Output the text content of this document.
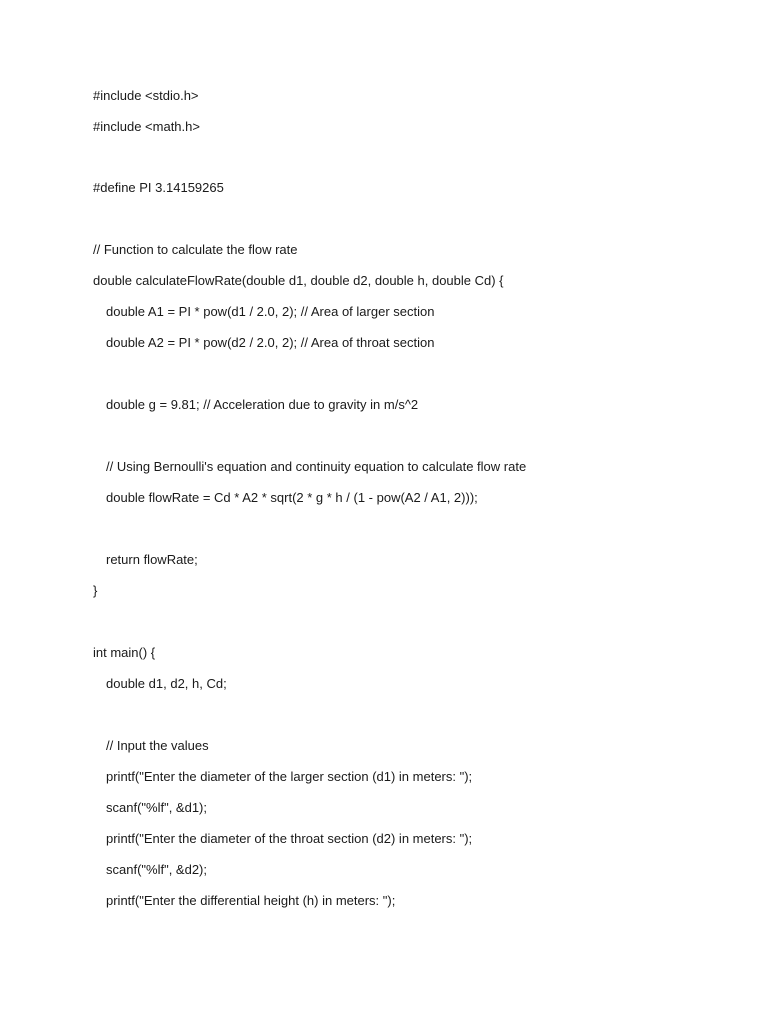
#include <stdio.h>
#include <math.h>
#define PI 3.14159265
// Function to calculate the flow rate
double calculateFlowRate(double d1, double d2, double h, double Cd) {
double A1 = PI * pow(d1 / 2.0, 2); // Area of larger section
double A2 = PI * pow(d2 / 2.0, 2); // Area of throat section
double g = 9.81; // Acceleration due to gravity in m/s^2
// Using Bernoulli's equation and continuity equation to calculate flow rate
double flowRate = Cd * A2 * sqrt(2 * g * h / (1 - pow(A2 / A1, 2)));
return flowRate;
}
int main() {
double d1, d2, h, Cd;
// Input the values
printf("Enter the diameter of the larger section (d1) in meters: ");
scanf("%lf", &d1);
printf("Enter the diameter of the throat section (d2) in meters: ");
scanf("%lf", &d2);
printf("Enter the differential height (h) in meters: ");
